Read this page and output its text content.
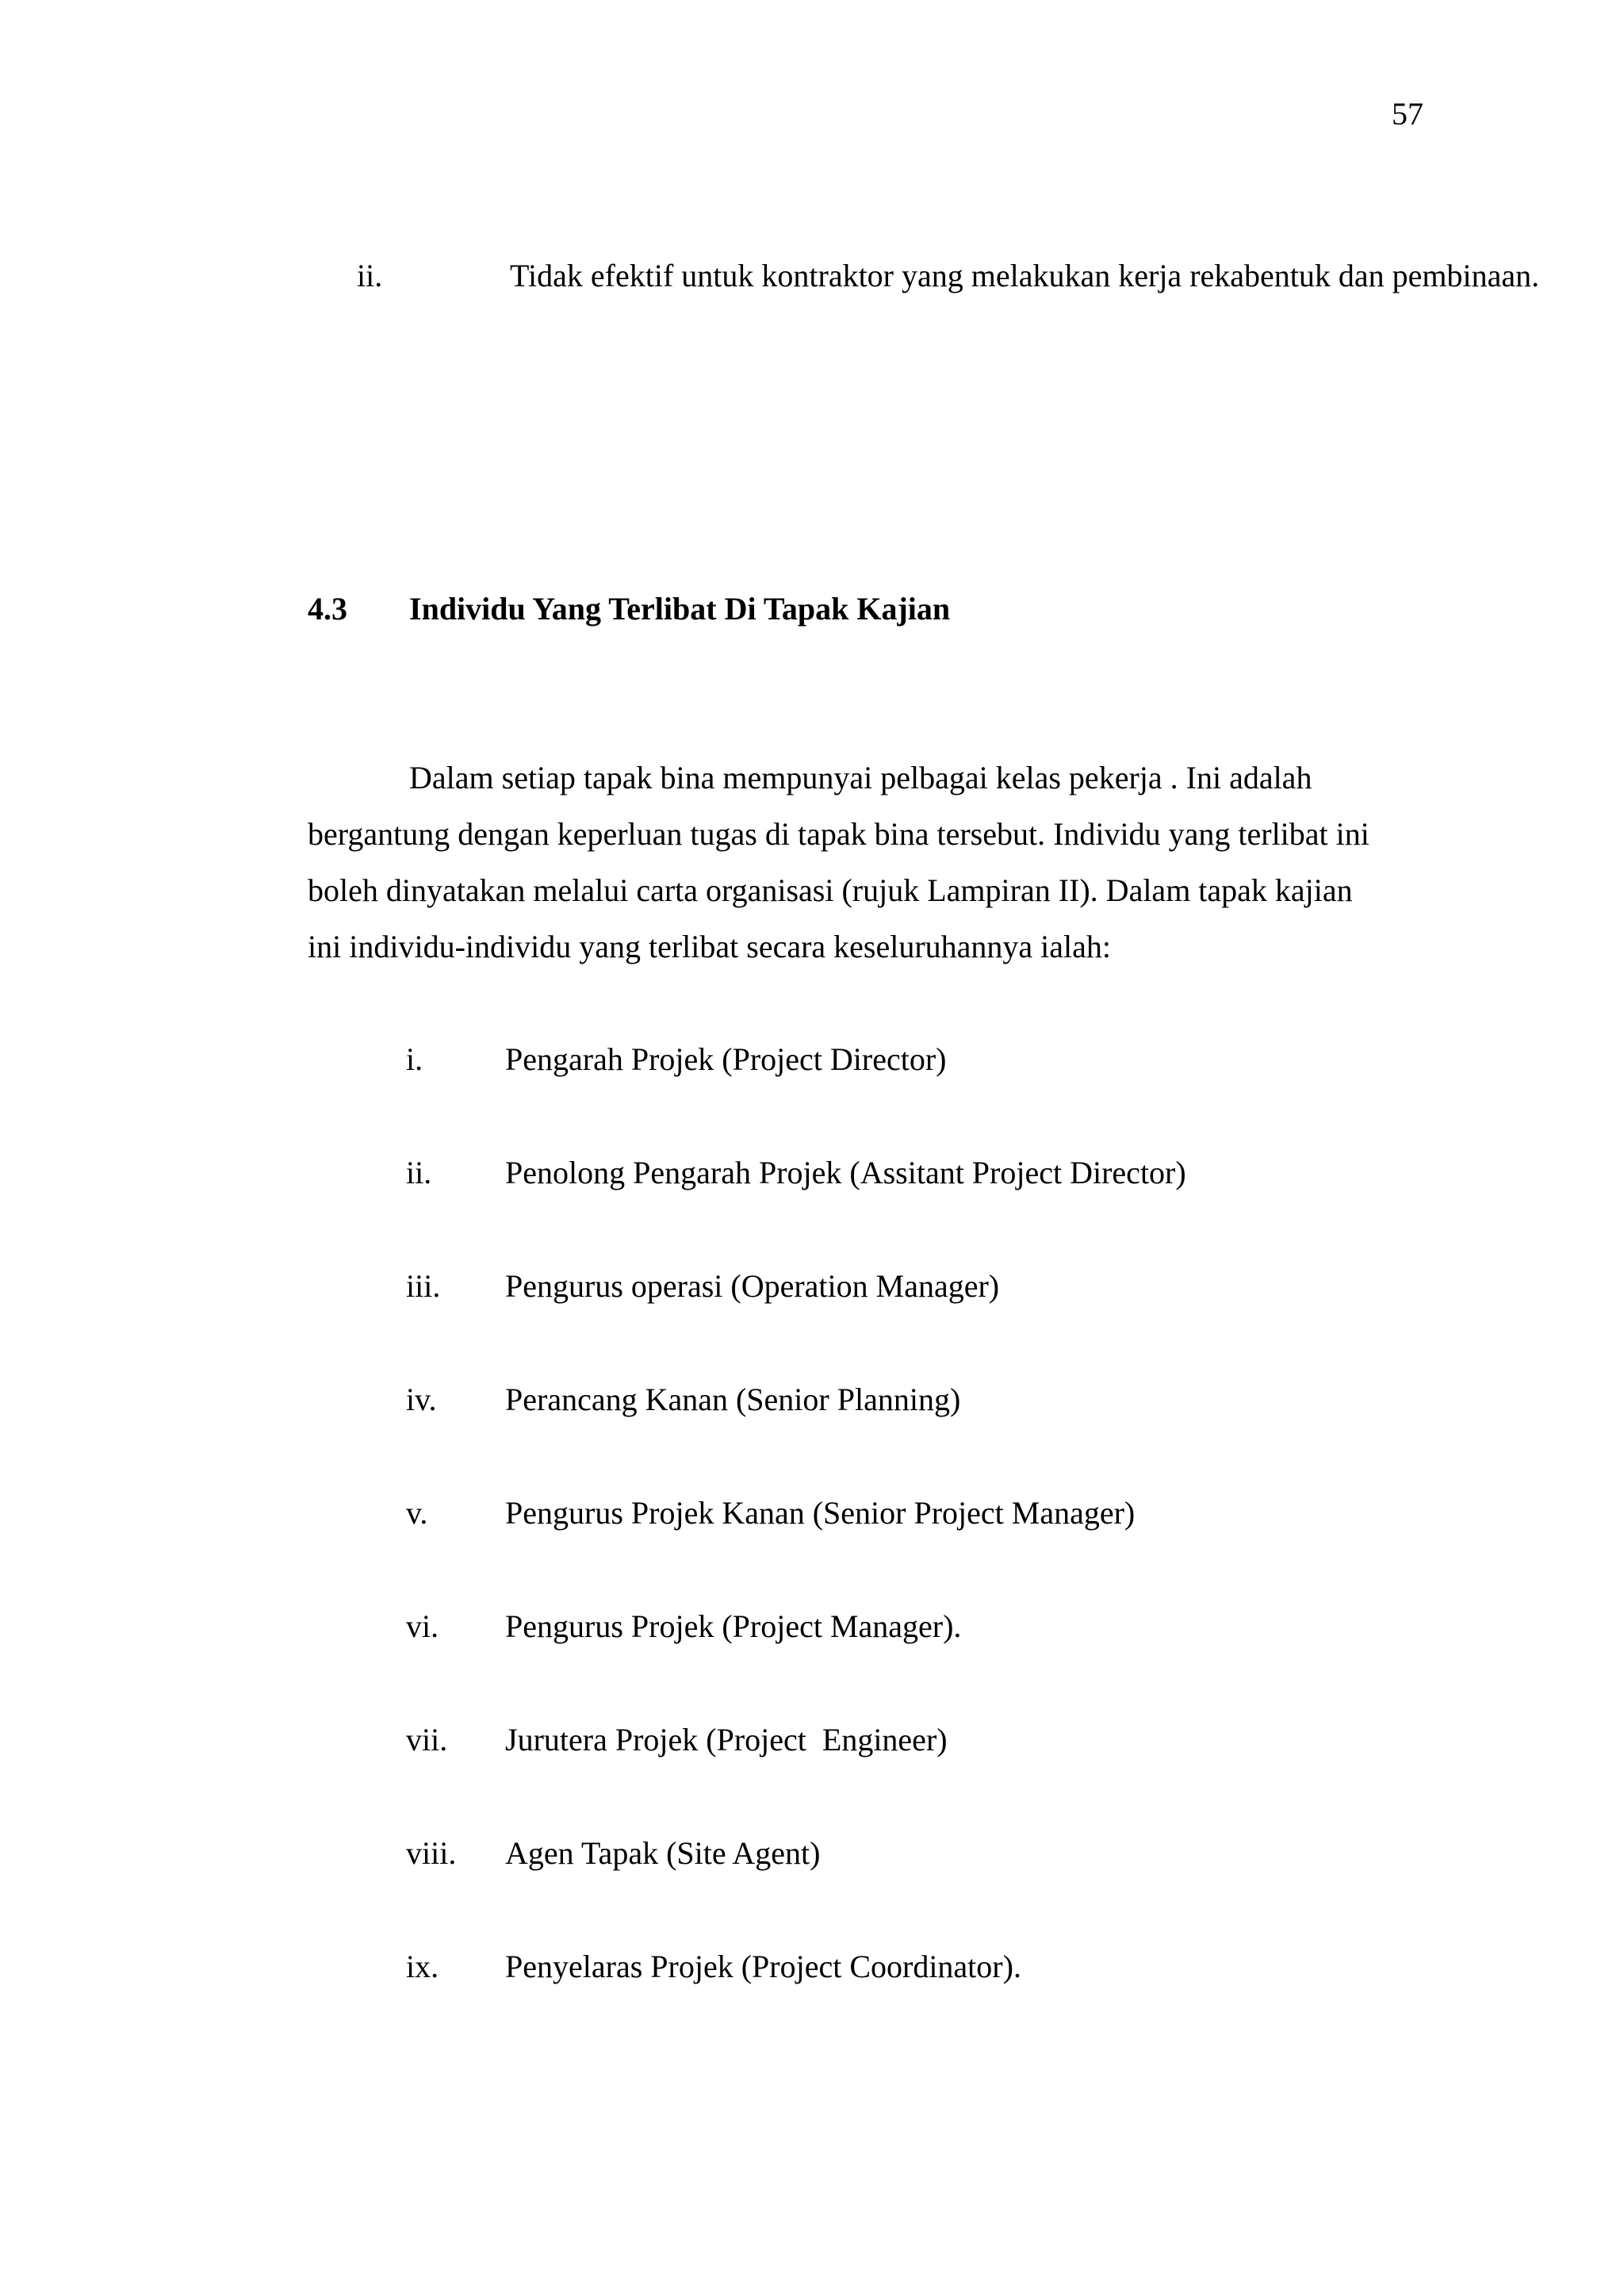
57
ii.	Tidak efektif untuk kontraktor yang melakukan kerja rekabentuk dan pembinaan.
4.3 Individu Yang Terlibat Di Tapak Kajian
Dalam setiap tapak bina mempunyai pelbagai kelas pekerja . Ini adalah
bergantung dengan keperluan tugas di tapak bina tersebut. Individu yang terlibat ini
boleh dinyatakan melalui carta organisasi (rujuk Lampiran II). Dalam tapak kajian
ini individu-individu yang terlibat secara keseluruhannya ialah:
i.	Pengarah Projek (Project Director)
ii. Penolong Pengarah Projek (Assitant Project Director)
iii. Pengurus operasi (Operation Manager)
iv. Perancang Kanan (Senior Planning)
v. Pengurus Projek Kanan (Senior Project Manager)
vi. Pengurus Projek (Project Manager).
vii. Jurutera Projek (Project  Engineer)
viii. Agen Tapak (Site Agent)
ix. Penyelaras Projek (Project Coordinator).
